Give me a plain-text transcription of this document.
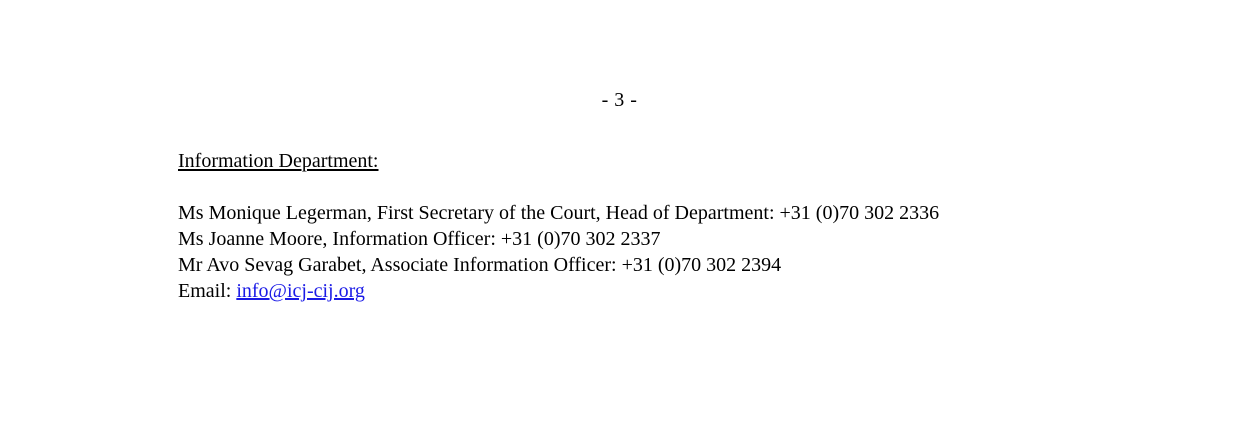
- 3 -
Information Department:
Ms Monique Legerman, First Secretary of the Court, Head of Department: +31 (0)70 302 2336
Ms Joanne Moore, Information Officer: +31 (0)70 302 2337
Mr Avo Sevag Garabet, Associate Information Officer: +31 (0)70 302 2394
Email: info@icj-cij.org
